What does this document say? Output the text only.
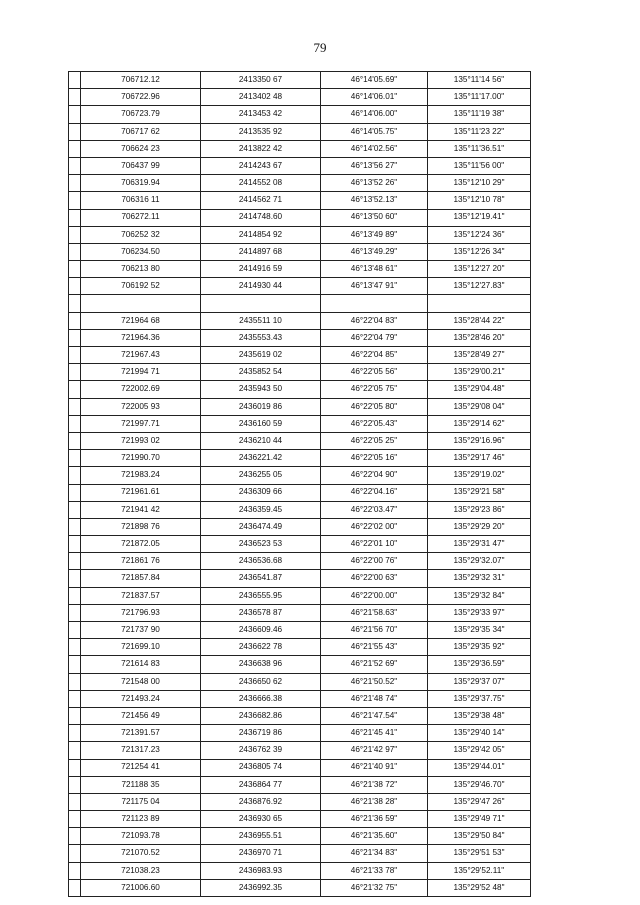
79
	706712.12	2413350 67	46°14'05.69"	135°11'14 56"	
	706722.96	2413402 48	46°14'06.01"	135°11'17.00"	
	706723.79	2413453 42	46°14'06.00"	135°11'19 38"	
	706717 62	2413535 92	46°14'05.75"	135°11'23 22"	
	706624 23	2413822 42	46°14'02.56"	135°11'36.51"	
	706437 99	2414243 67	46°13'56 27"	135°11'56 00"	
	706319.94	2414552 08	46°13'52 26"	135°12'10 29"	
	706316 11	2414562 71	46°13'52.13"	135°12'10 78"	
	706272.11	2414748.60	46°13'50 60"	135°12'19.41"	
	706252 32	2414854 92	46°13'49 89"	135°12'24 36"	
	706234.50	2414897 68	46°13'49.29"	135°12'26 34"	
	706213 80	2414916 59	46°13'48 61"	135°12'27 20"	
	706192 52	2414930 44	46°13'47 91"	135°12'27.83"	

	721964 68	2435511 10	46°22'04 83"	135°28'44 22"	
	721964.36	2435553.43	46°22'04 79"	135°28'46 20"	
	721967.43	2435619 02	46°22'04 85"	135°28'49 27"	
	721994 71	2435852 54	46°22'05 56"	135°29'00.21"	
	722002.69	2435943 50	46°22'05 75"	135°29'04.48"	
	722005 93	2436019 86	46°22'05 80"	135°29'08 04"	
	721997.71	2436160 59	46°22'05.43"	135°29'14 62"	
	721993 02	2436210 44	46°22'05 25"	135°29'16.96"	
	721990.70	2436221.42	46°22'05 16"	135°29'17 46"	
	721983.24	2436255 05	46°22'04 90"	135°29'19.02"	
	721961.61	2436309 66	46°22'04.16"	135°29'21 58"	
	721941 42	2436359.45	46°22'03.47"	135°29'23 86"	
	721898 76	2436474.49	46°22'02 00"	135°29'29 20"	
	721872.05	2436523 53	46°22'01 10"	135°29'31 47"	
	721861 76	2436536.68	46°22'00 76"	135°29'32.07"	
	721857.84	2436541.87	46°22'00 63"	135°29'32 31"	
	721837.57	2436555.95	46°22'00.00"	135°29'32 84"	
	721796.93	2436578 87	46°21'58.63"	135°29'33 97"	
	721737 90	2436609.46	46°21'56 70"	135°29'35 34"	
	721699.10	2436622 78	46°21'55 43"	135°29'35 92"	
	721614 83	2436638 96	46°21'52 69"	135°29'36.59"	
	721548 00	2436650 62	46°21'50.52"	135°29'37 07"	
	721493.24	2436666.38	46°21'48 74"	135°29'37.75"	
	721456 49	2436682.86	46°21'47.54"	135°29'38 48"	
	721391.57	2436719 86	46°21'45 41"	135°29'40 14"	
	721317.23	2436762 39	46°21'42 97"	135°29'42 05"	
	721254 41	2436805 74	46°21'40 91"	135°29'44.01"	
	721188 35	2436864 77	46°21'38 72"	135°29'46.70"	
	721175 04	2436876.92	46°21'38 28"	135°29'47 26"	
	721123 89	2436930 65	46°21'36 59"	135°29'49 71"	
	721093.78	2436955.51	46°21'35.60"	135°29'50 84"	
	721070.52	2436970 71	46°21'34 83"	135°29'51 53"	
	721038.23	2436983.93	46°21'33 78"	135°29'52.11"	
	721006.60	2436992.35	46°21'32 75"	135°29'52 48"	
